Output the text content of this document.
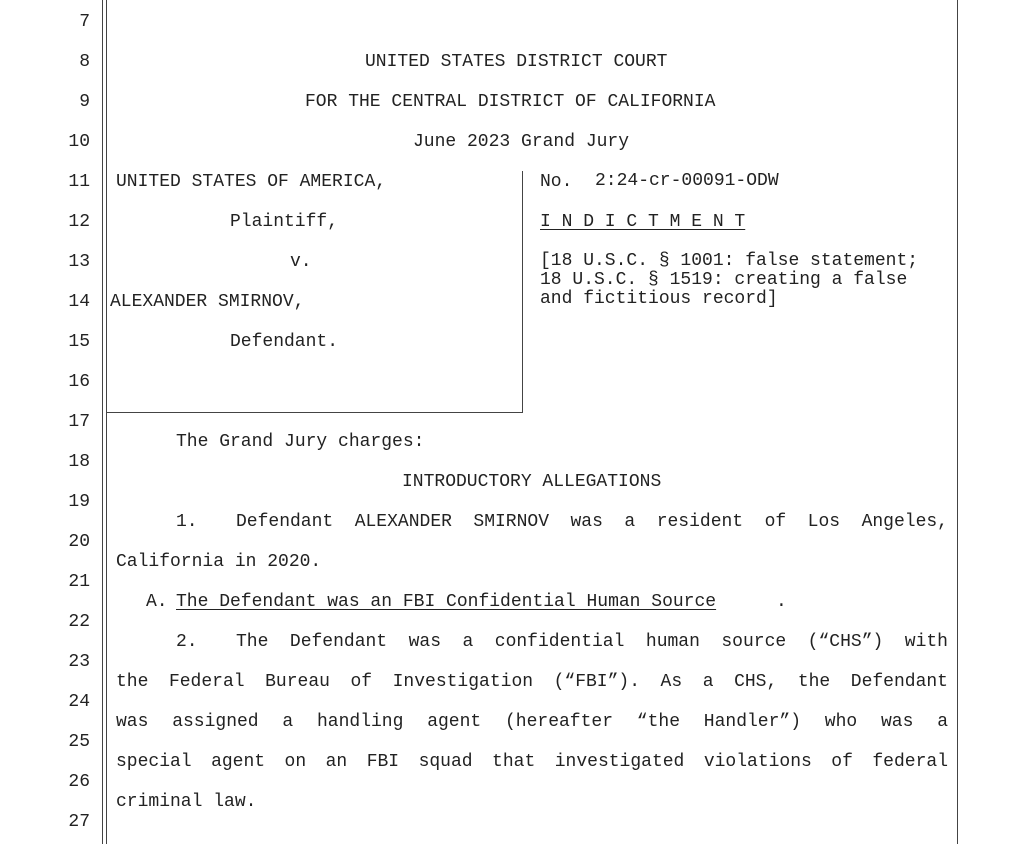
7
8
9
10
11
12
13
14
15
16
17
18
19
20
21
22
23
24
25
26
27
UNITED STATES DISTRICT COURT
FOR THE CENTRAL DISTRICT OF CALIFORNIA
June 2023 Grand Jury
UNITED STATES OF AMERICA,
Plaintiff,
v.
ALEXANDER SMIRNOV,
Defendant.
No. 2:24-cr-00091-ODW
I N D I C T M E N T
[18 U.S.C. § 1001: false statement; 18 U.S.C. § 1519: creating a false and fictitious record]
The Grand Jury charges:
INTRODUCTORY ALLEGATIONS
1. Defendant ALEXANDER SMIRNOV was a resident of Los Angeles,
California in 2020.
A. The Defendant was an FBI Confidential Human Source	.
2. The Defendant was a confidential human source (“CHS”) with
the Federal Bureau of Investigation (“FBI”). As a CHS, the Defendant
was assigned a handling agent (hereafter “the Handler”) who was a
special agent on an FBI squad that investigated violations of federal
criminal law.
